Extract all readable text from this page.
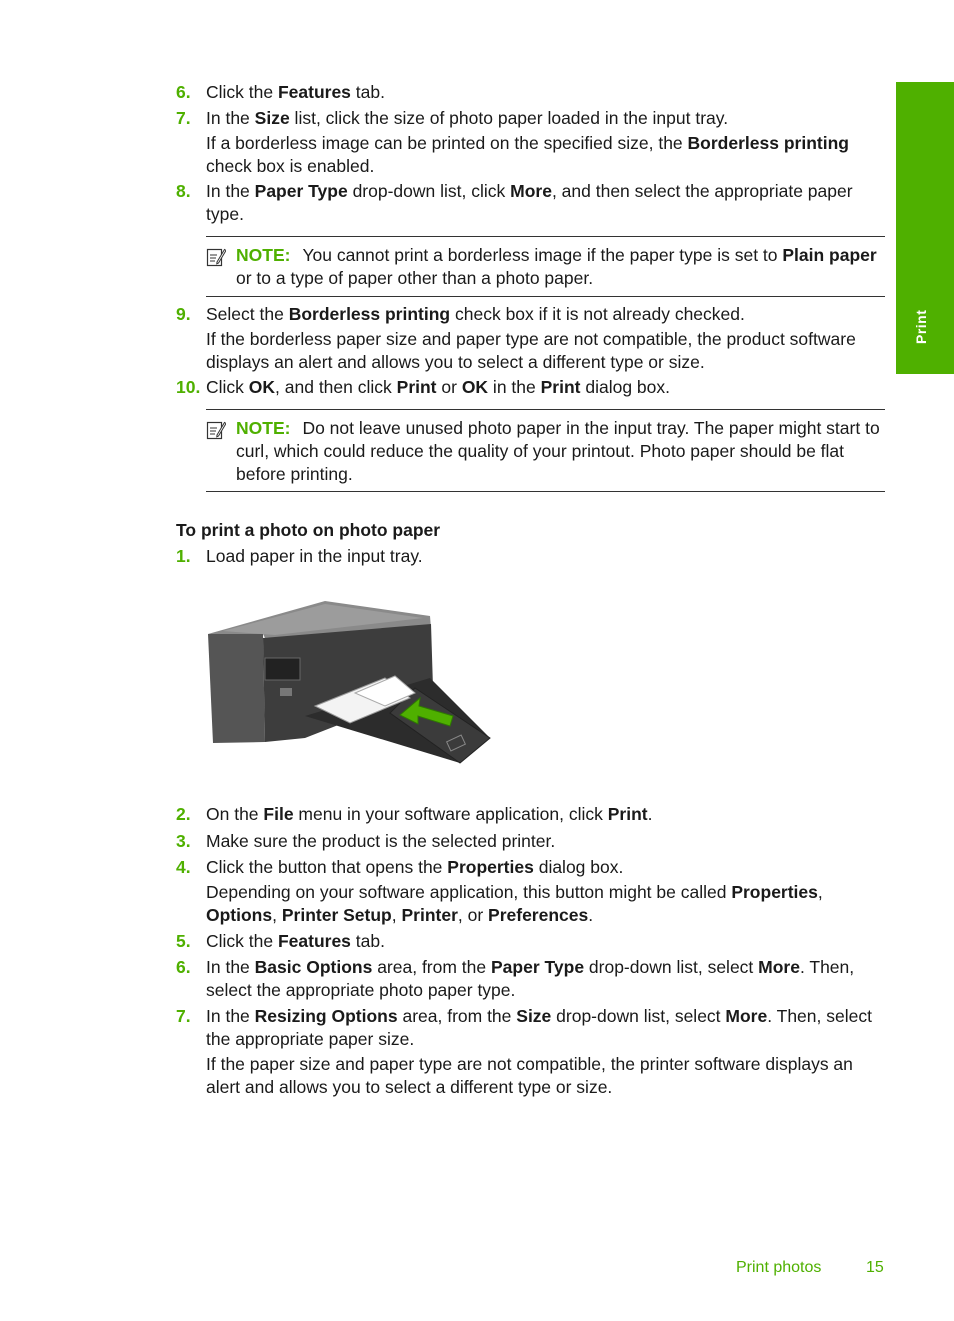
Print
6. Click the Features tab.

7. In the Size list, click the size of photo paper loaded in the input tray.

If a borderless image can be printed on the specified size, the Borderless printing check box is enabled.

8. In the Paper Type drop-down list, click More, and then select the appropriate paper type.

NOTE: You cannot print a borderless image if the paper type is set to Plain paper or to a type of paper other than a photo paper.
9. Select the Borderless printing check box if it is not already checked.

If the borderless paper size and paper type are not compatible, the product software displays an alert and allows you to select a different type or size.

10. Click OK, and then click Print or OK in the Print dialog box.

NOTE: Do not leave unused photo paper in the input tray. The paper might start to curl, which could reduce the quality of your printout. Photo paper should be flat before printing.
To print a photo on photo paper
1. Load paper in the input tray.

2. On the File menu in your software application, click Print.

3. Make sure the product is the selected printer.

4. Click the button that opens the Properties dialog box.

Depending on your software application, this button might be called Properties, Options, Printer Setup, Printer, or Preferences.

5. Click the Features tab.

6. In the Basic Options area, from the Paper Type drop-down list, select More. Then, select the appropriate photo paper type.

7. In the Resizing Options area, from the Size drop-down list, select More. Then, select the appropriate paper size.

If the paper size and paper type are not compatible, the printer software displays an alert and allows you to select a different type or size.

Print photos	15
